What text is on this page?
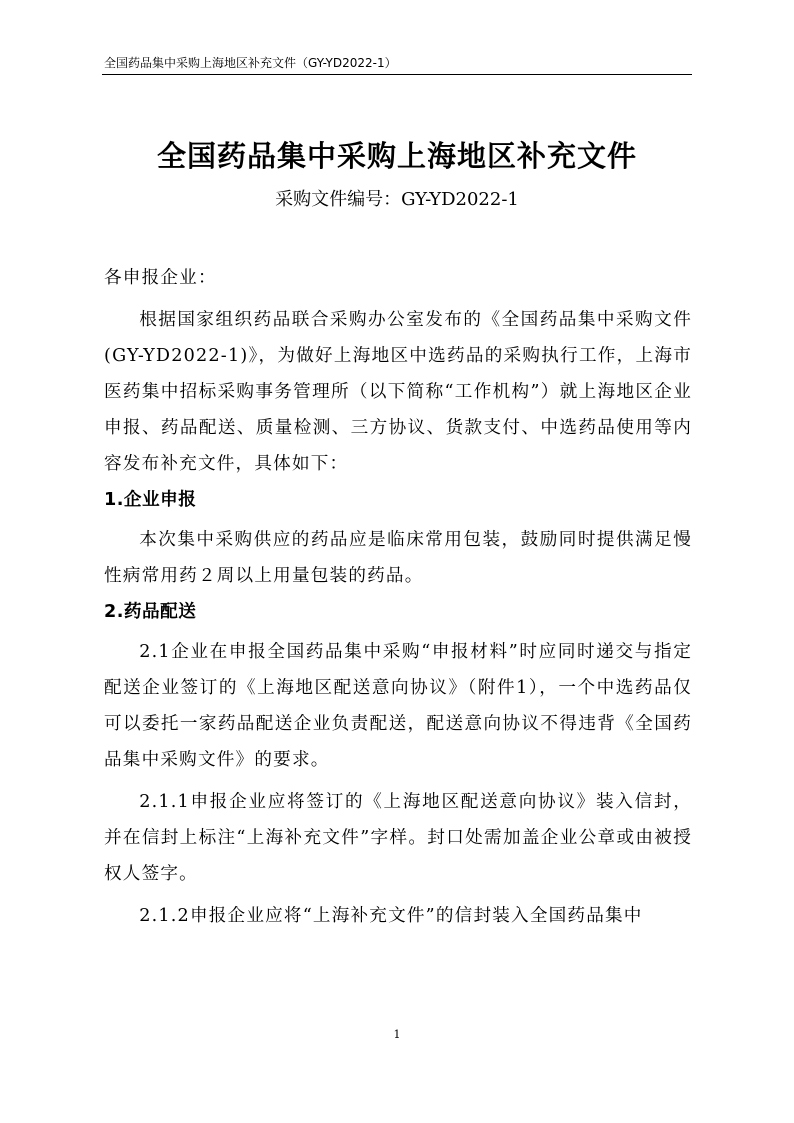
全国药品集中采购上海地区补充文件（GY-YD2022-1）
全国药品集中采购上海地区补充文件
采购文件编号：GY-YD2022-1

各申报企业：

根据国家组织药品联合采购办公室发布的《全国药品集中采购文件(GY-YD2022-1)》，为做好上海地区中选药品的采购执行工作，上海市医药集中招标采购事务管理所（以下简称“工作机构”）就上海地区企业申报、药品配送、质量检测、三方协议、货款支付、中选药品使用等内容发布补充文件，具体如下：

1.企业申报

本次集中采购供应的药品应是临床常用包装，鼓励同时提供满足慢性病常用药２周以上用量包装的药品。

2.药品配送

2.1企业在申报全国药品集中采购“申报材料”时应同时递交与指定配送企业签订的《上海地区配送意向协议》（附件1），一个中选药品仅可以委托一家药品配送企业负责配送，配送意向协议不得违背《全国药品集中采购文件》的要求。

2.1.1申报企业应将签订的《上海地区配送意向协议》装入信封，并在信封上标注“上海补充文件”字样。封口处需加盖企业公章或由被授权人签字。

2.1.2申报企业应将“上海补充文件”的信封装入全国药品集中

1
